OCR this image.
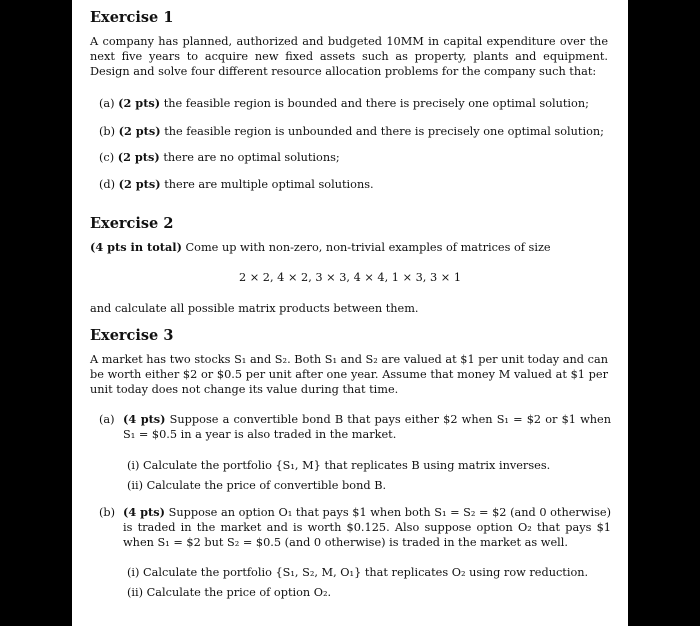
Exercise 1
A company has planned, authorized and budgeted 10MM in capital expenditure over the next five years to acquire new fixed assets such as property, plants and equipment. Design and solve four different resource allocation problems for the company such that:
(a) (2 pts) the feasible region is bounded and there is precisely one optimal solution;
(b) (2 pts) the feasible region is unbounded and there is precisely one optimal solution;
(c) (2 pts) there are no optimal solutions;
(d) (2 pts) there are multiple optimal solutions.
Exercise 2
(4 pts in total) Come up with non-zero, non-trivial examples of matrices of size
2 × 2, 4 × 2, 3 × 3, 4 × 4, 1 × 3, 3 × 1
and calculate all possible matrix products between them.
Exercise 3
A market has two stocks S₁ and S₂. Both S₁ and S₂ are valued at $1 per unit today and can be worth either $2 or $0.5 per unit after one year. Assume that money M valued at $1 per unit today does not change its value during that time.
(a) (4 pts) Suppose a convertible bond B that pays either $2 when S₁ = $2 or $1 when S₁ = $0.5 in a year is also traded in the market.
(i) Calculate the portfolio {S₁, M} that replicates B using matrix inverses.
(ii) Calculate the price of convertible bond B.
(b) (4 pts) Suppose an option O₁ that pays $1 when both S₁ = S₂ = $2 (and 0 otherwise) is traded in the market and is worth $0.125. Also suppose option O₂ that pays $1 when S₁ = $2 but S₂ = $0.5 (and 0 otherwise) is traded in the market as well.
(i) Calculate the portfolio {S₁, S₂, M, O₁} that replicates O₂ using row reduction.
(ii) Calculate the price of option O₂.
